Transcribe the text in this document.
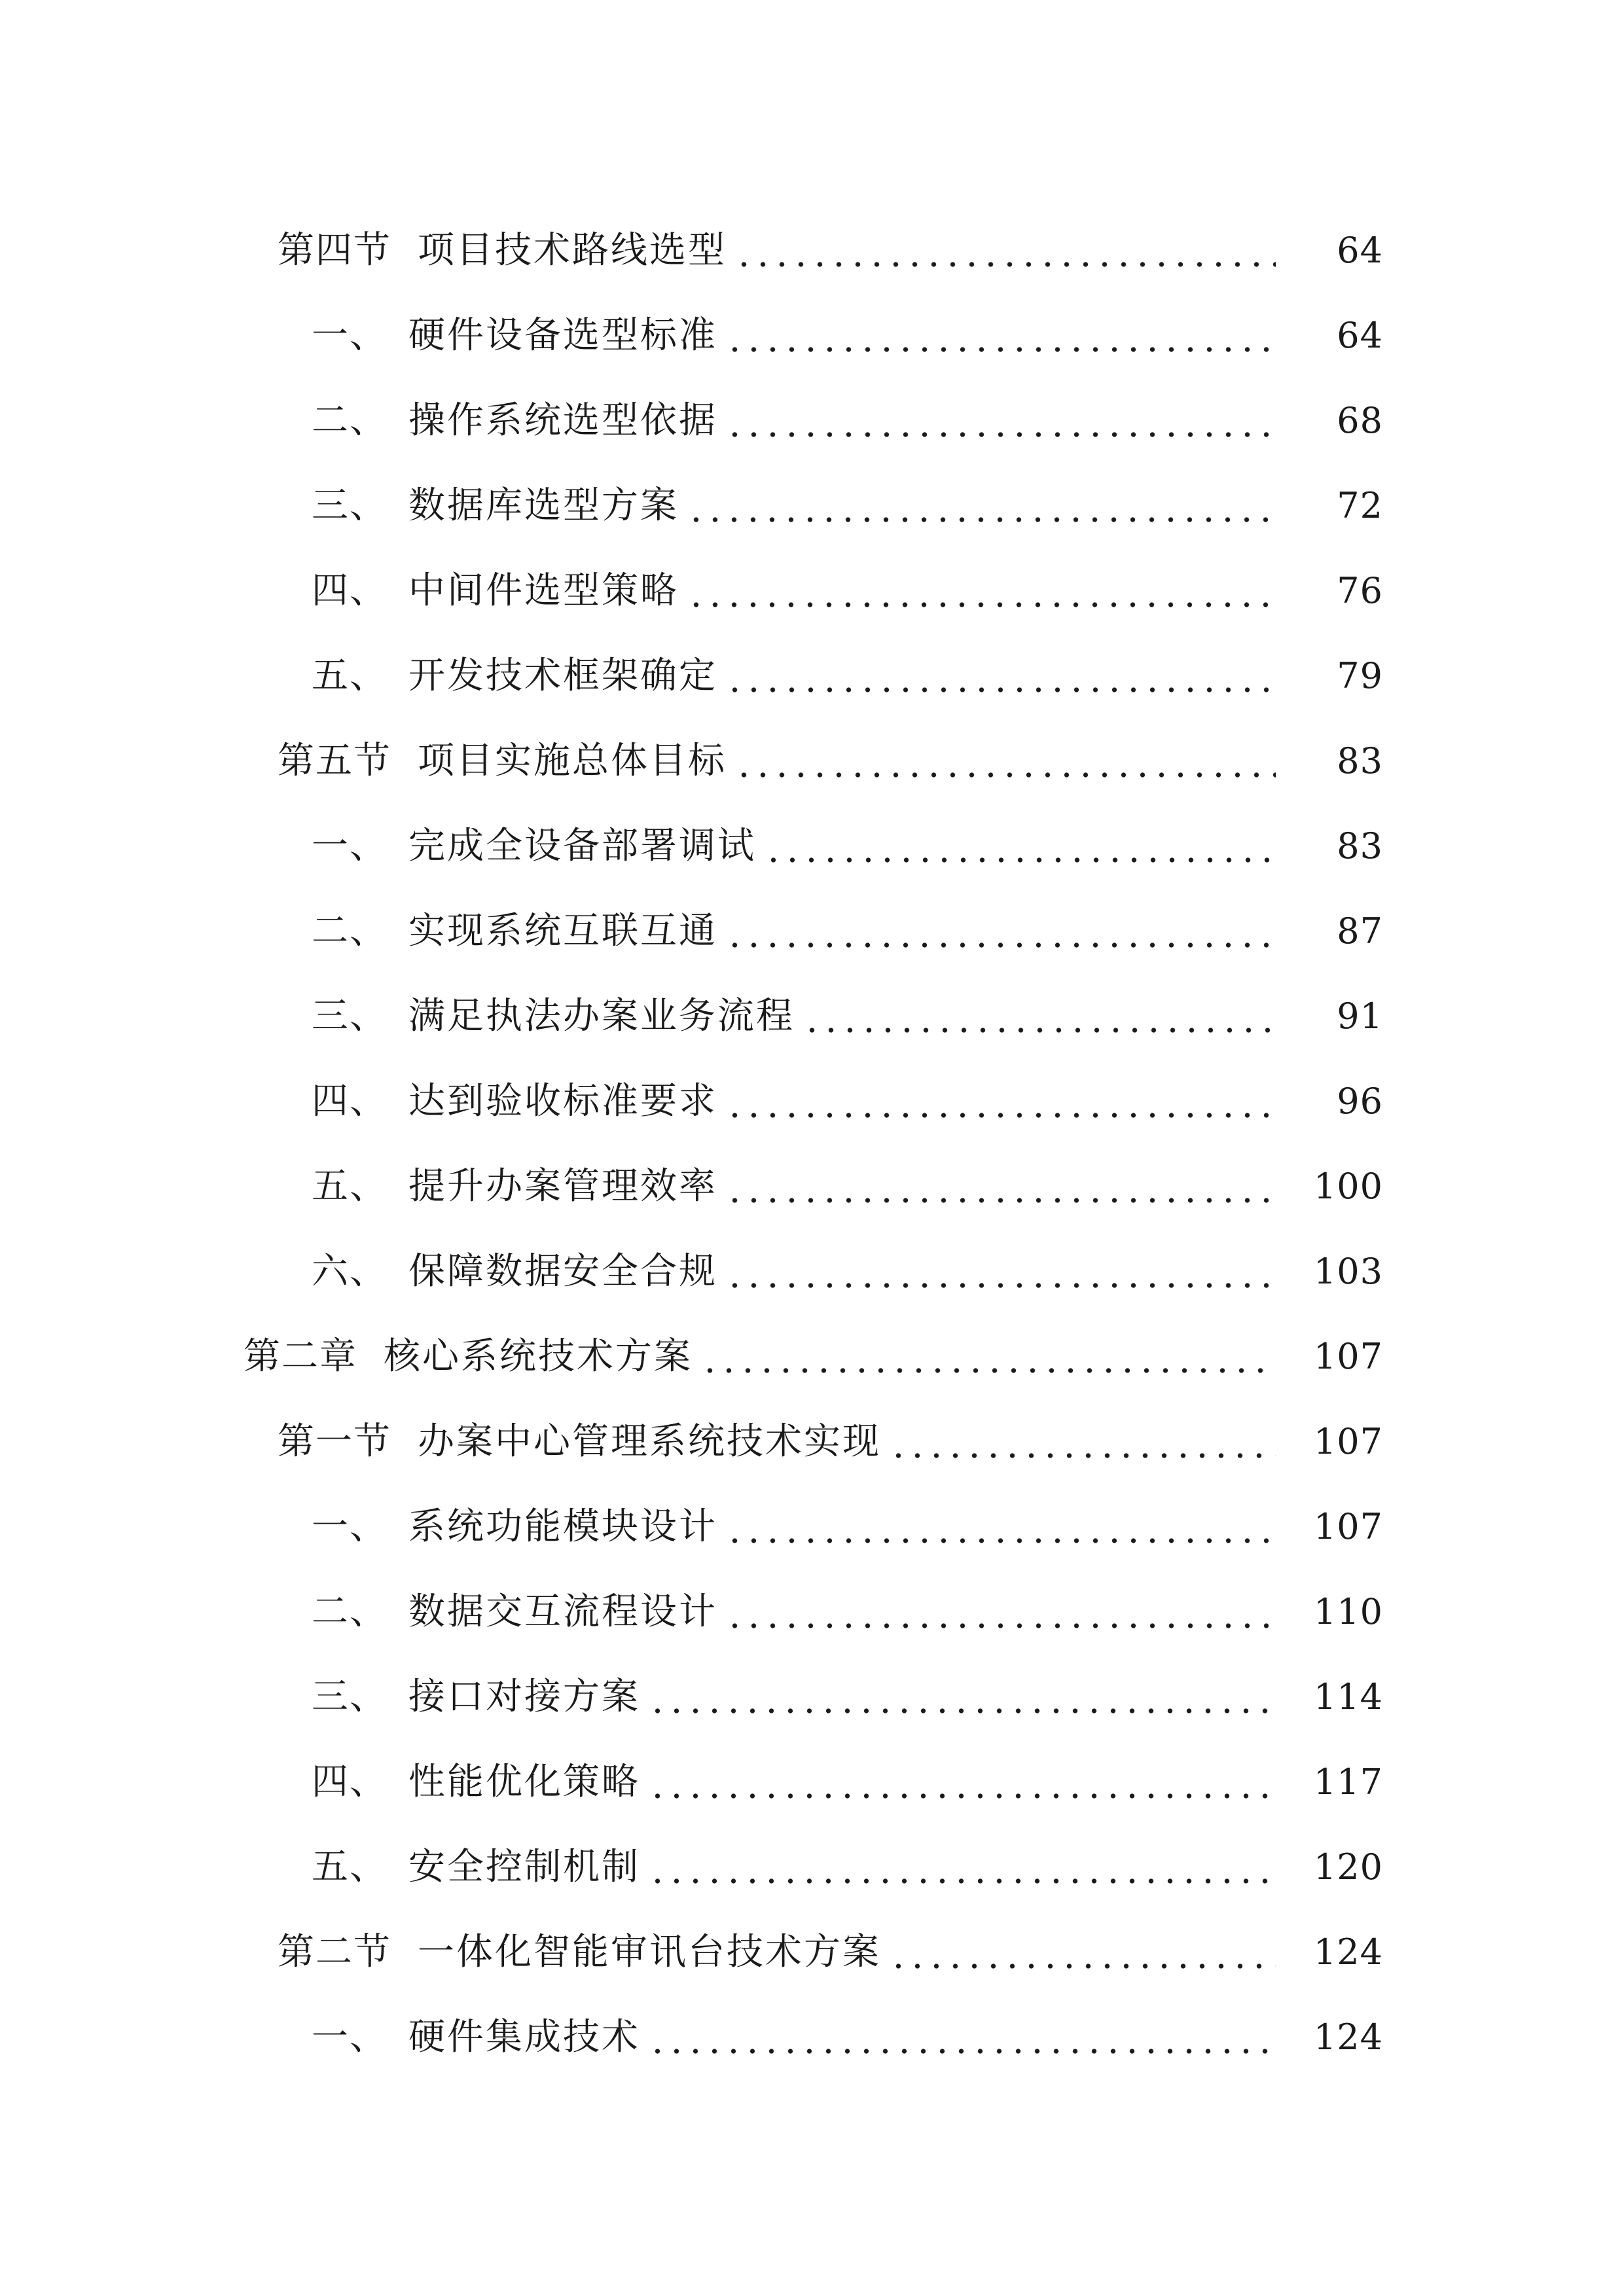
第四节 项目技术路线选型	64
一、 硬件设备选型标准	64
二、 操作系统选型依据	68
三、 数据库选型方案	72
四、 中间件选型策略	76
五、 开发技术框架确定	79
第五节 项目实施总体目标	83
一、 完成全设备部署调试	83
二、 实现系统互联互通	87
三、 满足执法办案业务流程	91
四、 达到验收标准要求	96
五、 提升办案管理效率	100
六、 保障数据安全合规	103
第二章 核心系统技术方案	107
第一节 办案中心管理系统技术实现	107
一、 系统功能模块设计	107
二、 数据交互流程设计	110
三、 接口对接方案	114
四、 性能优化策略	117
五、 安全控制机制	120
第二节 一体化智能审讯台技术方案	124
一、 硬件集成技术	124
